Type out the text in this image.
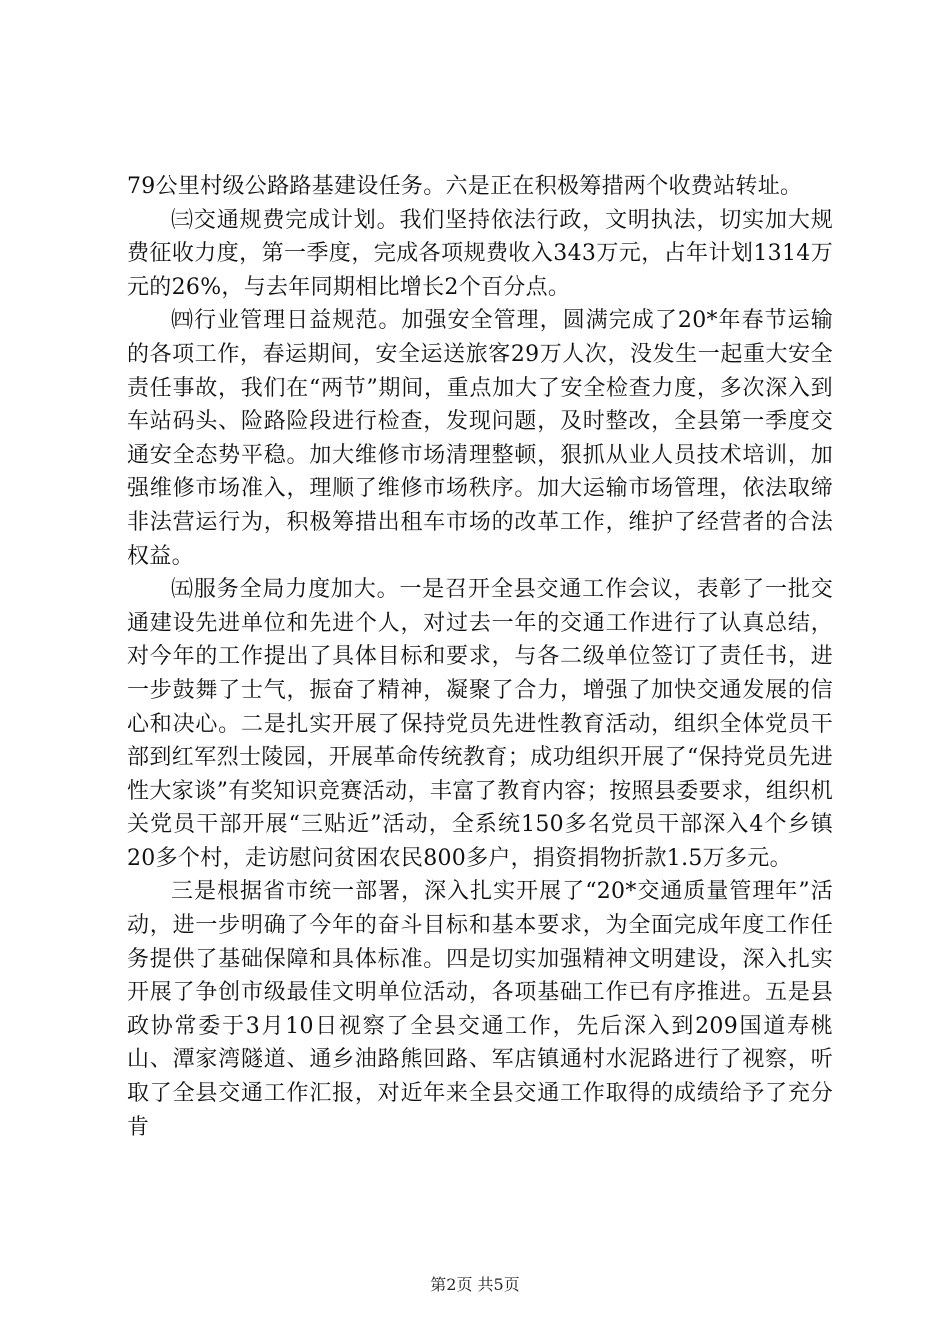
79公里村级公路路基建设任务。六是正在积极筹措两个收费站转址。

㈢交通规费完成计划。我们坚持依法行政，文明执法，切实加大规费征收力度，第一季度，完成各项规费收入343万元，占年计划1314万元的26%，与去年同期相比增长2个百分点。

㈣行业管理日益规范。加强安全管理，圆满完成了20*年春节运输的各项工作，春运期间，安全运送旅客29万人次，没发生一起重大安全责任事故，我们在“两节”期间，重点加大了安全检查力度，多次深入到车站码头、险路险段进行检查，发现问题，及时整改，全县第一季度交通安全态势平稳。加大维修市场清理整顿，狠抓从业人员技术培训，加强维修市场准入，理顺了维修市场秩序。加大运输市场管理，依法取缔非法营运行为，积极筹措出租车市场的改革工作，维护了经营者的合法权益。

㈤服务全局力度加大。一是召开全县交通工作会议，表彰了一批交通建设先进单位和先进个人，对过去一年的交通工作进行了认真总结，对今年的工作提出了具体目标和要求，与各二级单位签订了责任书，进一步鼓舞了士气，振奋了精神，凝聚了合力，增强了加快交通发展的信心和决心。二是扎实开展了保持党员先进性教育活动，组织全体党员干部到红军烈士陵园，开展革命传统教育；成功组织开展了“保持党员先进性大家谈”有奖知识竞赛活动，丰富了教育内容；按照县委要求，组织机关党员干部开展“三贴近”活动，全系统150多名党员干部深入4个乡镇20多个村，走访慰问贫困农民800多户，捐资捐物折款1.5万多元。

三是根据省市统一部署，深入扎实开展了“20*交通质量管理年”活动，进一步明确了今年的奋斗目标和基本要求，为全面完成年度工作任务提供了基础保障和具体标准。四是切实加强精神文明建设，深入扎实开展了争创市级最佳文明单位活动，各项基础工作已有序推进。五是县政协常委于3月10日视察了全县交通工作，先后深入到209国道寿桃山、潭家湾隧道、通乡油路熊回路、军店镇通村水泥路进行了视察，听取了全县交通工作汇报，对近年来全县交通工作取得的成绩给予了充分肯

第2页 共5页
